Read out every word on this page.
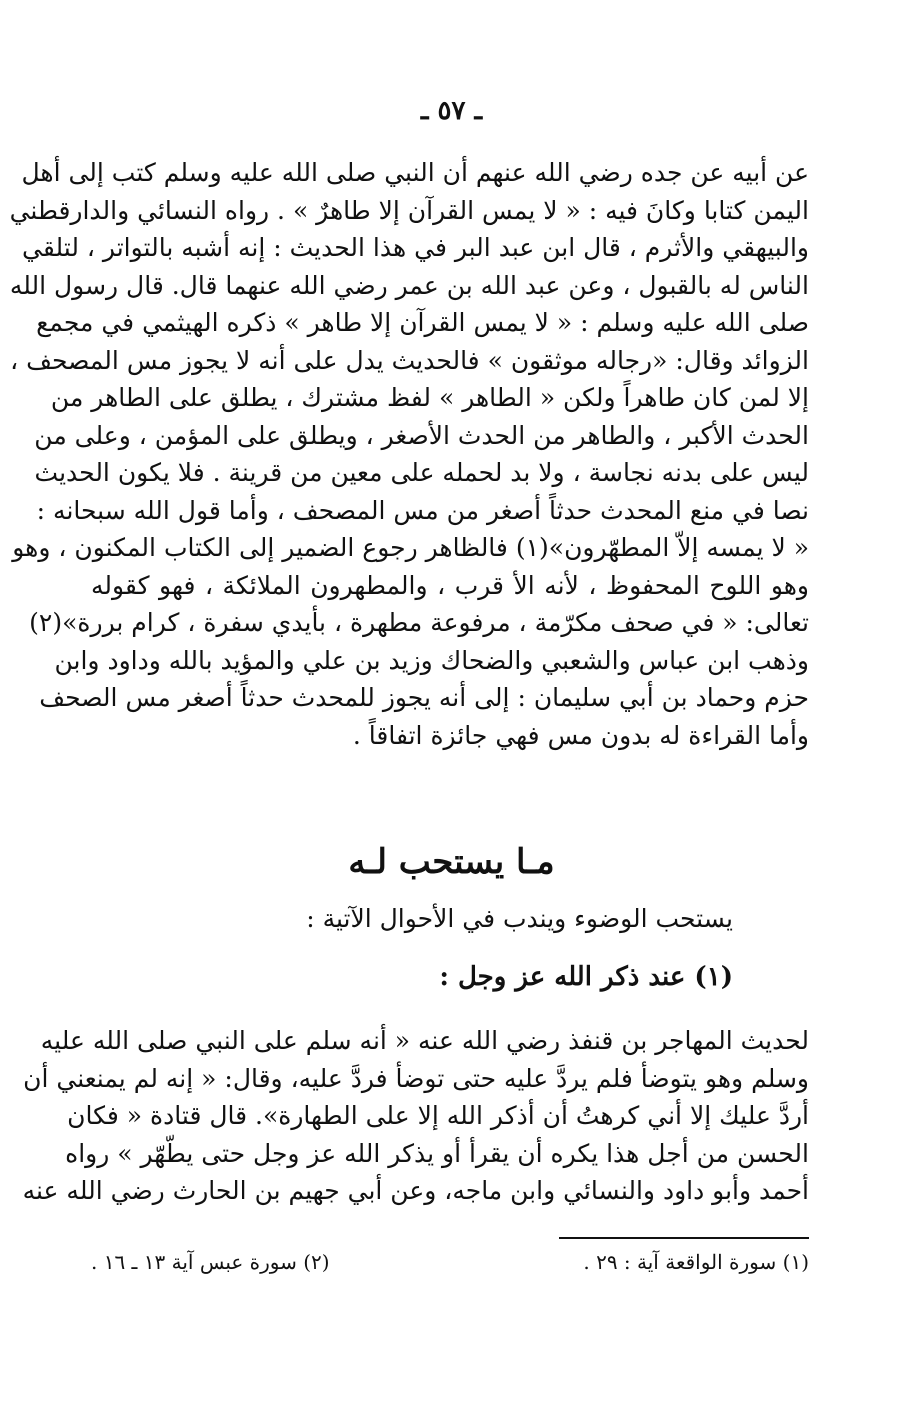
ـ ٥٧ ـ
عن أبيه عن جده رضي الله عنهم أن النبي صلى الله عليه وسلم كتب إلى أهل
اليمن كتابا وكانَ فيه : « لا يمس القرآن إلا طاهرٌ » . رواه النسائي والدارقطني
والبيهقي والأثرم ، قال ابن عبد البر في هذا الحديث : إنه أشبه بالتواتر ، لتلقي
الناس له بالقبول ، وعن عبد الله بن عمر رضي الله عنهما قال. قال رسول الله
صلى الله عليه وسلم : « لا يمس القرآن إلا طاهر » ذكره الهيثمي في مجمع
الزوائد وقال: «رجاله موثقون » فالحديث يدل على أنه لا يجوز مس المصحف ،
إلا لمن كان طاهراً ولكن « الطاهر » لفظ مشترك ، يطلق على الطاهر من
الحدث الأكبر ، والطاهر من الحدث الأصغر ، ويطلق على المؤمن ، وعلى من
ليس على بدنه نجاسة ، ولا بد لحمله على معين من قرينة . فلا يكون الحديث
نصا في منع المحدث حدثاً أصغر من مس المصحف ، وأما قول الله سبحانه :
« لا يمسه إلاّ المطهّرون»(١) فالظاهر رجوع الضمير إلى الكتاب المكنون ، وهو
وهو اللوح المحفوظ ، لأنه الأ قرب ، والمطهرون الملائكة ، فهو كقوله
تعالى: « في صحف مكرّمة ، مرفوعة مطهرة ، بأيدي سفرة ، كرام بررة»(٢)
وذهب ابن عباس والشعبي والضحاك وزيد بن علي والمؤيد بالله وداود وابن
حزم وحماد بن أبي سليمان : إلى أنه يجوز للمحدث حدثاً أصغر مس الصحف
وأما القراءة له بدون مس فهي جائزة اتفاقاً .
مـا يستحب لـه
يستحب الوضوء ويندب في الأحوال الآتية :
(١) عند ذكر الله عز وجل :
لحديث المهاجر بن قنفذ رضي الله عنه « أنه سلم على النبي صلى الله عليه
وسلم وهو يتوضأ فلم يردَّ عليه حتى توضأ فردَّ عليه، وقال: « إنه لم يمنعني أن
أردَّ عليك إلا أني كرهتُ أن أذكر الله إلا على الطهارة». قال قتادة « فكان
الحسن من أجل هذا يكره أن يقرأ أو يذكر الله عز وجل حتى يطّهّر » رواه
أحمد وأبو داود والنسائي وابن ماجه، وعن أبي جهيم بن الحارث رضي الله عنه
(١) سورة الواقعة آية : ٢٩ .
(٢) سورة عبس آية ١٣ ـ ١٦ .
